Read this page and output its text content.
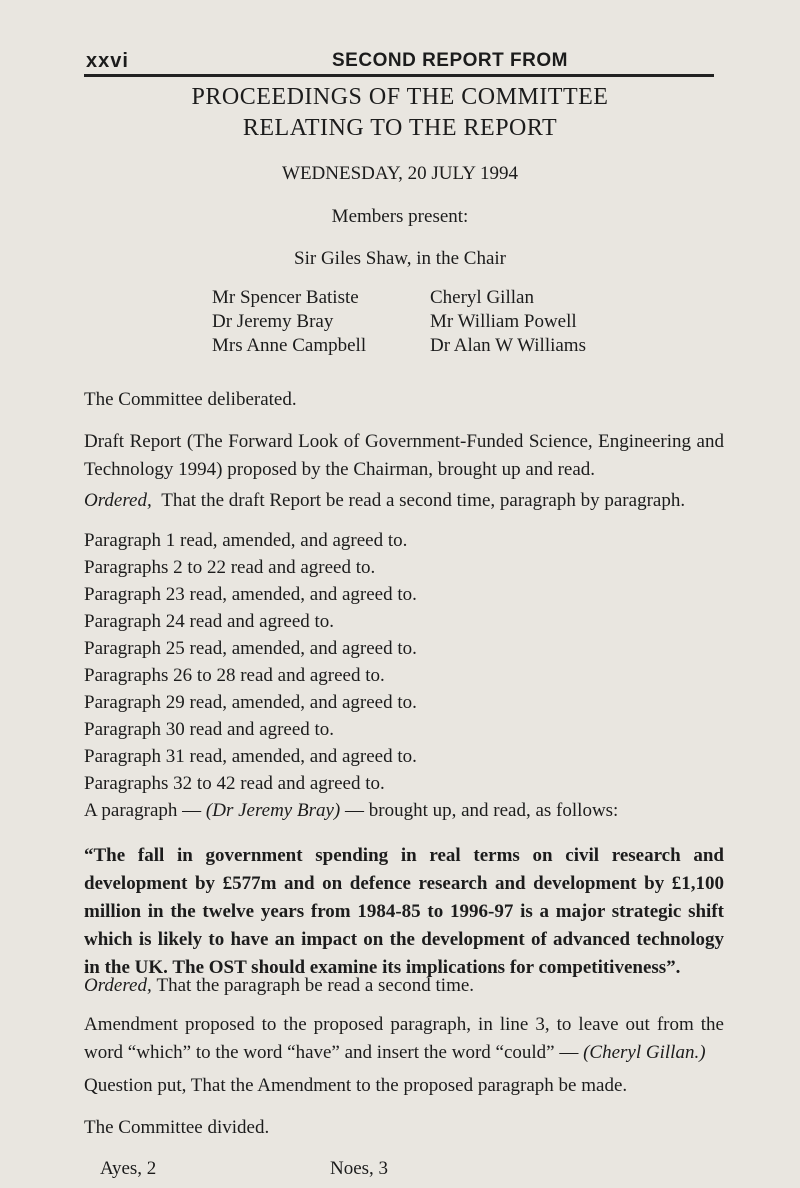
xxvi	SECOND REPORT FROM
PROCEEDINGS OF THE COMMITTEE
RELATING TO THE REPORT
WEDNESDAY, 20 JULY 1994
Members present:
Sir Giles Shaw, in the Chair
Mr Spencer Batiste
Dr Jeremy Bray
Mrs Anne Campbell
Cheryl Gillan
Mr William Powell
Dr Alan W Williams
The Committee deliberated.
Draft Report (The Forward Look of Government-Funded Science, Engineering and Technology 1994) proposed by the Chairman, brought up and read.
Ordered, That the draft Report be read a second time, paragraph by paragraph.
Paragraph 1 read, amended, and agreed to.
Paragraphs 2 to 22 read and agreed to.
Paragraph 23 read, amended, and agreed to.
Paragraph 24 read and agreed to.
Paragraph 25 read, amended, and agreed to.
Paragraphs 26 to 28 read and agreed to.
Paragraph 29 read, amended, and agreed to.
Paragraph 30 read and agreed to.
Paragraph 31 read, amended, and agreed to.
Paragraphs 32 to 42 read and agreed to.
A paragraph — (Dr Jeremy Bray) — brought up, and read, as follows:
“The fall in government spending in real terms on civil research and development by £577m and on defence research and development by £1,100 million in the twelve years from 1984-85 to 1996-97 is a major strategic shift which is likely to have an impact on the development of advanced technology in the UK. The OST should examine its implications for competitiveness”.
Ordered, That the paragraph be read a second time.
Amendment proposed to the proposed paragraph, in line 3, to leave out from the word “which” to the word “have” and insert the word “could” — (Cheryl Gillan.)
Question put, That the Amendment to the proposed paragraph be made.
The Committee divided.
Ayes, 2	Noes, 3
